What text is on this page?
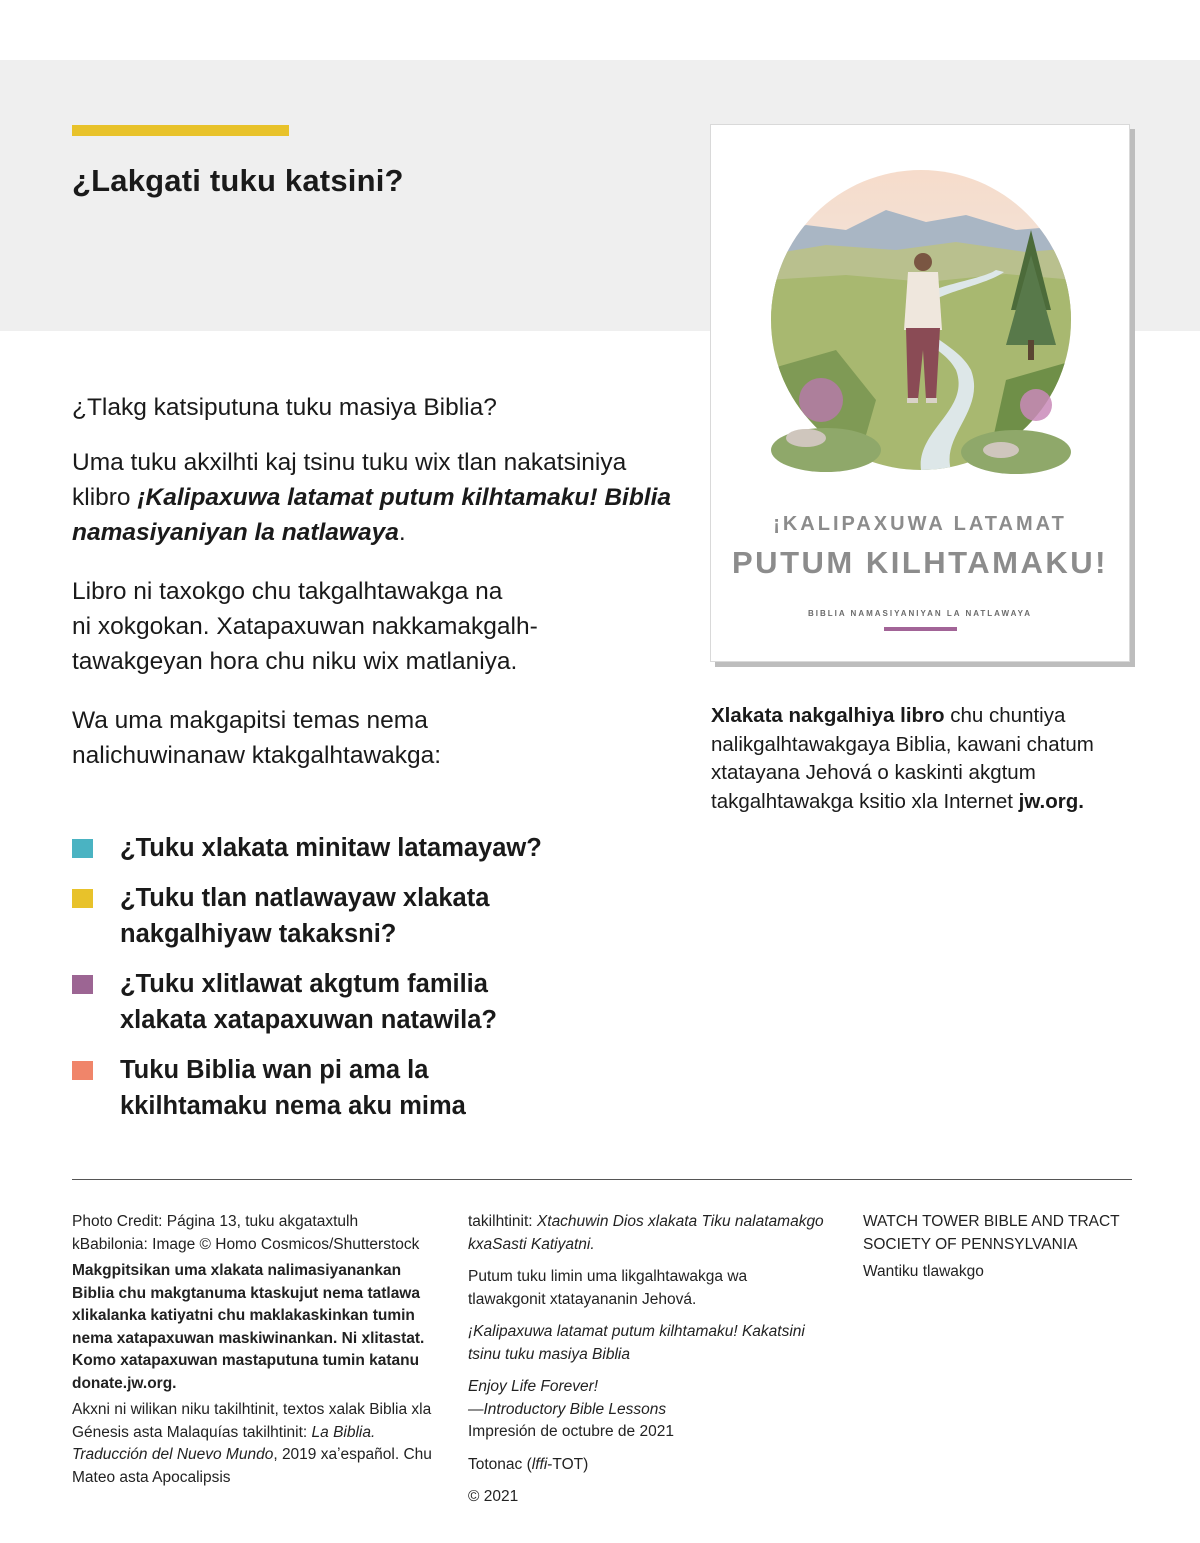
¿Lakgati tuku katsini?

¿Tlakg katsiputuna tuku masiya Biblia?

Uma tuku akxilhti kaj tsinu tuku wix tlan nakatsiniya klibro ¡Kalipaxuwa latamat putum kilhtamaku! Biblia namasiyaniyan la natlawaya.

Libro ni taxokgo chu takgalhtawakga na
ni xokgokan. Xatapaxuwan nakkamakgalh-
tawakgeyan hora chu niku wix matlaniya.

Wa uma makgapitsi temas nema
nalichuwinanaw ktakgalhtawakga:

¿Tuku xlakata minitaw latamayaw?
¿Tuku tlan natlawayaw xlakata
nakgalhiyaw takaksni?
¿Tuku xlitlawat akgtum familia
xlakata xatapaxuwan natawila?
Tuku Biblia wan pi ama la
kkilhtamaku nema aku mima
¡KALIPAXUWA LATAMAT
PUTUM KILHTAMAKU!
BIBLIA NAMASIYANIYAN LA NATLAWAYA

Xlakata nakgalhiya libro chu chuntiya nalikgalhtawakgaya Biblia, kawani chatum xtatayana Jehová o kaskinti akgtum takgalhtawakga ksitio xla Internet jw.org.

Photo Credit: Página 13, tuku akgataxtulh kBabilonia: Image © Homo Cosmicos/Shutterstock

Makgpitsikan uma xlakata nalimasiyanankan Biblia chu makgtanuma ktaskujut nema tatlawa xlikalanka katiyatni chu maklakaskinkan tumin nema xatapaxuwan maskiwinankan. Ni xlitastat. Komo xatapaxuwan mastaputuna tumin katanu donate.jw.org.

Akxni ni wilikan niku takilhtinit, textos xalak Biblia xla Génesis asta Malaquías takilhtinit: La Biblia. Traducción del Nuevo Mundo, 2019 xaʼespañol. Chu Mateo asta Apocalipsis

takilhtinit: Xtachuwin Dios xlakata Tiku nalatamakgo kxaSasti Katiyatni.

Putum tuku limin uma likgalhtawakga wa tlawakgonit xtatayananin Jehová.

¡Kalipaxuwa latamat putum kilhtamaku! Kakatsini tsinu tuku masiya Biblia

Enjoy Life Forever!
—Introductory Bible Lessons
Impresión de octubre de 2021

Totonac (lffi-TOT)

© 2021

WATCH TOWER BIBLE AND TRACT SOCIETY OF PENNSYLVANIA

Wantiku tlawakgo
